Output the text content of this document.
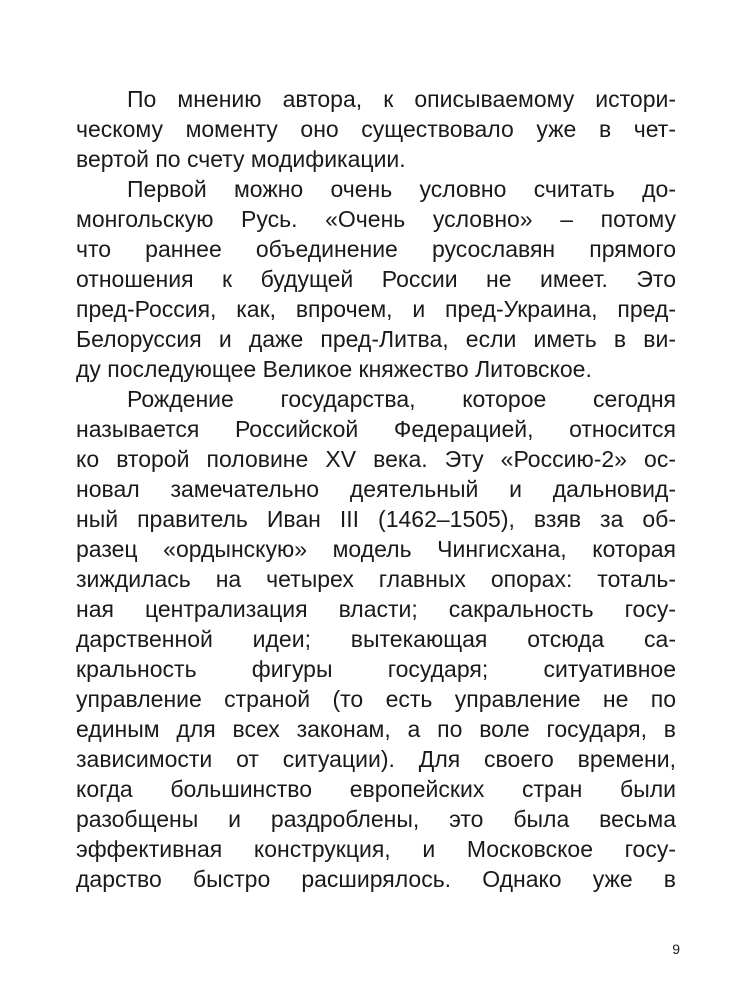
По мнению автора, к описываемому истори-
ческому моменту оно существовало уже в чет-
вертой по счету модификации.

Первой можно очень условно считать до-
монгольскую Русь. «Очень условно» – потому
что раннее объединение русославян прямого
отношения к будущей России не имеет. Это
пред-Россия, как, впрочем, и пред-Украина, пред-
Белоруссия и даже пред-Литва, если иметь в ви-
ду последующее Великое княжество Литовское.

Рождение государства, которое сегодня
называется Российской Федерацией, относится
ко второй половине XV века. Эту «Россию-2» ос-
новал замечательно деятельный и дальновид-
ный правитель Иван III (1462–1505), взяв за об-
разец «ордынскую» модель Чингисхана, которая
зиждилась на четырех главных опорах: тоталь-
ная централизация власти; сакральность госу-
дарственной идеи; вытекающая отсюда са-
кральность фигуры государя; ситуативное
управление страной (то есть управление не по
единым для всех законам, а по воле государя, в
зависимости от ситуации). Для своего времени,
когда большинство европейских стран были
разобщены и раздроблены, это была весьма
эффективная конструкция, и Московское госу-
дарство быстро расширялось. Однако уже в

9
